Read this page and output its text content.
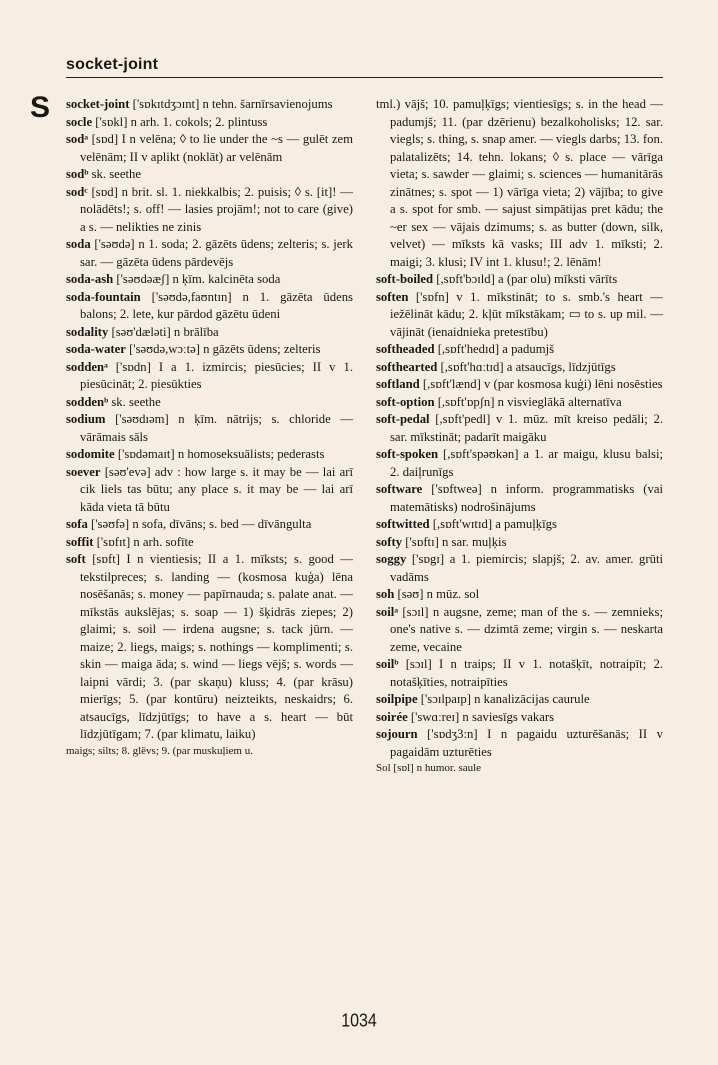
socket-joint
S socket-joint ['sɒkɪtdʒɔɪnt] n tehn. šarnīrsavienojums

socle ['sɒkl] n arh. 1. cokols; 2. plintuss

sodᵃ [sɒd] I n velēna; ◊ to lie under the ~s — gulēt zem velēnām; II v aplikt (noklāt) ar velēnām

sodᵇ sk. seethe

sodᶜ [sɒd] n brit. sl. 1. niekkalbis; 2. puisis; ◊ s. [it]! — nolādēts!; s. off! — lasies projām!; not to care (give) a s. — nelikties ne zinis

soda ['səʊdə] n 1. soda; 2. gāzēts ūdens; zelteris; s. jerk sar. — gāzēta ūdens pārdevējs

soda-ash ['səʊdəæʃ] n ķīm. kalcinēta soda

soda-fountain ['səʊdə,faʊntɪn] n 1. gāzēta ūdens balons; 2. lete, kur pārdod gāzētu ūdeni

sodality [səʊ'dæləti] n brālība

soda-water ['səʊdə,wɔːtə] n gāzēts ūdens; zelteris

soddenᵃ ['sɒdn] I a 1. izmircis; piesūcies; II v 1. piesūcināt; 2. piesūkties

soddenᵇ sk. seethe

sodium ['səʊdɪəm] n ķīm. nātrijs; s. chloride — vārāmais sāls

sodomite ['sɒdəmaɪt] n homoseksuālists; pederasts

soever [səʊ'evə] adv : how large s. it may be — lai arī cik liels tas būtu; any place s. it may be — lai arī kāda vieta tā būtu

sofa ['səʊfə] n sofa, dīvāns; s. bed — dīvāngulta

soffit ['sɒfɪt] n arh. sofīte

soft [sɒft] I n vientiesis; II a 1. mīksts; s. good — tekstilpreces; s. landing — (kosmosa kuģa) lēna nosēšanās; s. money — papīrnauda; s. palate anat. — mīkstās aukslējas; s. soap — 1) šķidrās ziepes; 2) glaimi; s. soil — irdena augsne; s. tack jūrn. — maize; 2. liegs, maigs; s. nothings — komplimenti; s. skin — maiga āda; s. wind — liegs vējš; s. words — laipni vārdi; 3. (par skaņu) kluss; 4. (par krāsu) mierīgs; 5. (par kontūru) neizteikts, neskaidrs; 6. atsaucīgs, līdzjūtīgs; to have a s. heart — būt līdzjūtīgam; 7. (par klimatu, laiku)

maigs; silts; 8. glēvs; 9. (par muskuļiem u.

tml.) vājš; 10. pamuļķīgs; vientiesīgs; s. in the head — padumjš; 11. (par dzērienu) bezalkoholisks; 12. sar. viegls; s. thing, s. snap amer. — viegls darbs; 13. fon. palatalizēts; 14. tehn. lokans; ◊ s. place — vārīga vieta; s. sawder — glaimi; s. sciences — humanitārās zinātnes; s. spot — 1) vārīga vieta; 2) vājība; to give a s. spot for smb. — sajust simpātijas pret kādu; the ~er sex — vājais dzimums; s. as butter (down, silk, velvet) — mīksts kā vasks; III adv 1. mīksti; 2. maigi; 3. klusi; IV int 1. klusu!; 2. lēnām!

soft-boiled [,sɒft'bɔɪld] a (par olu) mīksti vārīts

soften ['sɒfn] v 1. mīkstināt; to s. smb.'s heart — iežēlināt kādu; 2. kļūt mīkstākam; ▭ to s. up mil. — vājināt (ienaidnieka pretestību)

softheaded [,sɒft'hedɪd] a padumjš

softhearted [,sɒft'hɑːtɪd] a atsaucīgs, līdzjūtīgs

softland [,sɒft'lænd] v (par kosmosa kuģi) lēni nosēsties

soft-option [,sɒft'ɒpʃn] n visvieglākā alternatīva

soft-pedal [,sɒft'pedl] v 1. mūz. mīt kreiso pedāli; 2. sar. mīkstināt; padarīt maigāku

soft-spoken [,sɒft'spəʊkən] a 1. ar maigu, klusu balsi; 2. daiļrunīgs

software ['sɒftweə] n inform. programmatisks (vai matemātisks) nodrošinājums

softwitted [,sɒft'wɪtɪd] a pamuļķīgs

softy ['sɒftɪ] n sar. muļķis

soggy ['sɒgɪ] a 1. piemircis; slapjš; 2. av. amer. grūti vadāms

soh [səʊ] n mūz. sol

soilᵃ [sɔɪl] n augsne, zeme; man of the s. — zemnieks; one's native s. — dzimtā zeme; virgin s. — neskarta zeme, vecaine

soilᵇ [sɔɪl] I n traips; II v 1. notašķīt, notraipīt; 2. notašķīties, notraipīties

soilpipe ['sɔɪlpaɪp] n kanalizācijas caurule

soirée ['swɑːreɪ] n saviesīgs vakars

sojourn ['sɒdʒ3:n] I n pagaidu uzturēšanās; II v pagaidām uzturēties

Sol [sɒl] n humor. saule

1034
